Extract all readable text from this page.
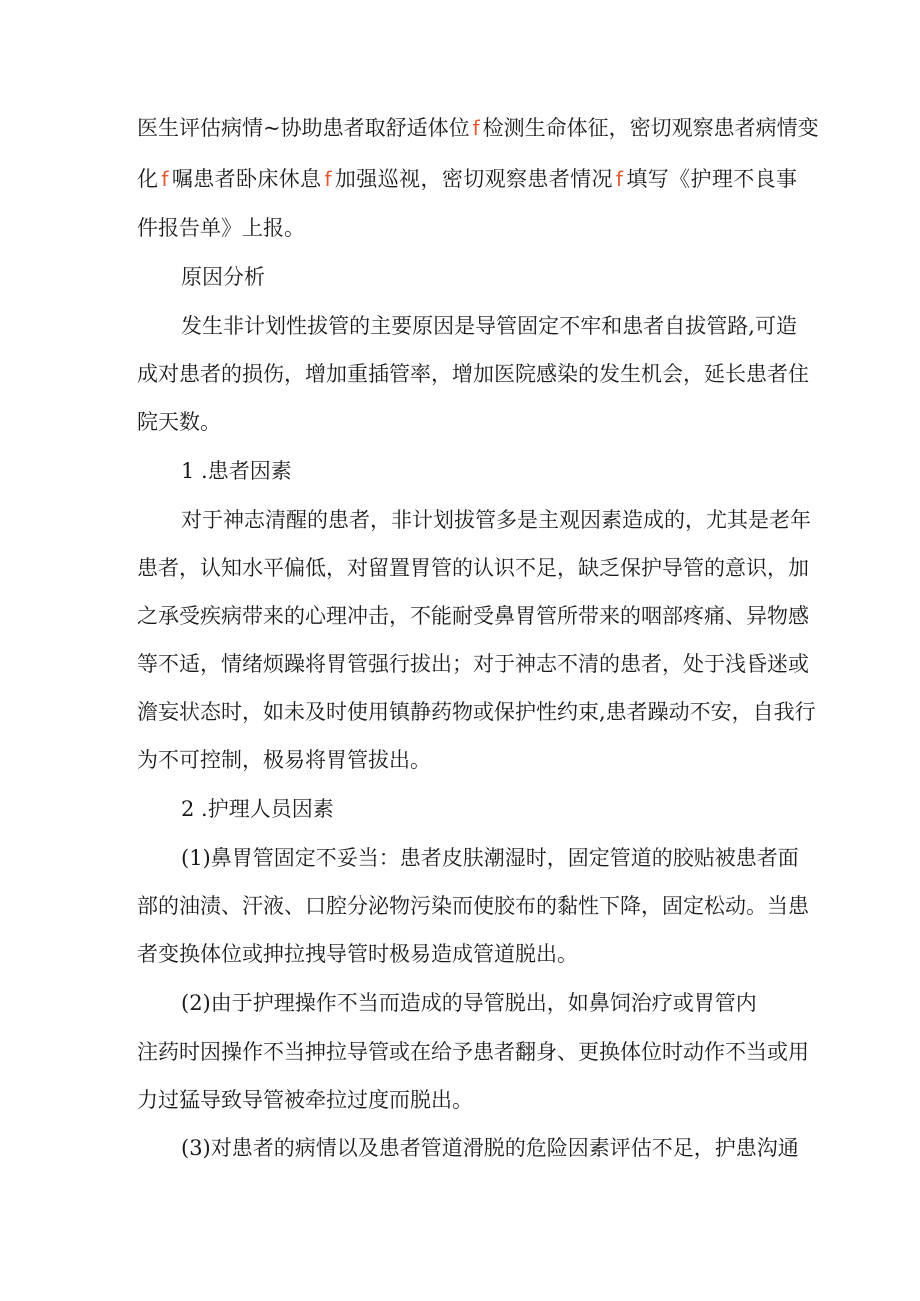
医生评估病情~协助患者取舒适体位 f 检测生命体征，密切观察患者病情变
化 f 嘱患者卧床休息 f 加强巡视，密切观察患者情况 f 填写《护理不良事
件报告单》上报。
原因分析
发生非计划性拔管的主要原因是导管固定不牢和患者自拔管路,可造
成对患者的损伤，增加重插管率，增加医院感染的发生机会，延长患者住
院天数。
1 .患者因素
对于神志清醒的患者，非计划拔管多是主观因素造成的，尤其是老年
患者，认知水平偏低，对留置胃管的认识不足，缺乏保护导管的意识，加
之承受疾病带来的心理冲击，不能耐受鼻胃管所带来的咽部疼痛、异物感
等不适，情绪烦躁将胃管强行拔出；对于神志不清的患者，处于浅昏迷或
澹妄状态时，如未及时使用镇静药物或保护性约束,患者躁动不安，自我行
为不可控制，极易将胃管拔出。
2 .护理人员因素
(1)鼻胃管固定不妥当：患者皮肤潮湿时，固定管道的胶贴被患者面
部的油渍、汗液、口腔分泌物污染而使胶布的黏性下降，固定松动。当患
者变换体位或抻拉拽导管时极易造成管道脱出。
(2)由于护理操作不当而造成的导管脱出，如鼻饲治疗或胃管内
注药时因操作不当抻拉导管或在给予患者翻身、更换体位时动作不当或用
力过猛导致导管被牵拉过度而脱出。
(3)对患者的病情以及患者管道滑脱的危险因素评估不足，护患沟通
